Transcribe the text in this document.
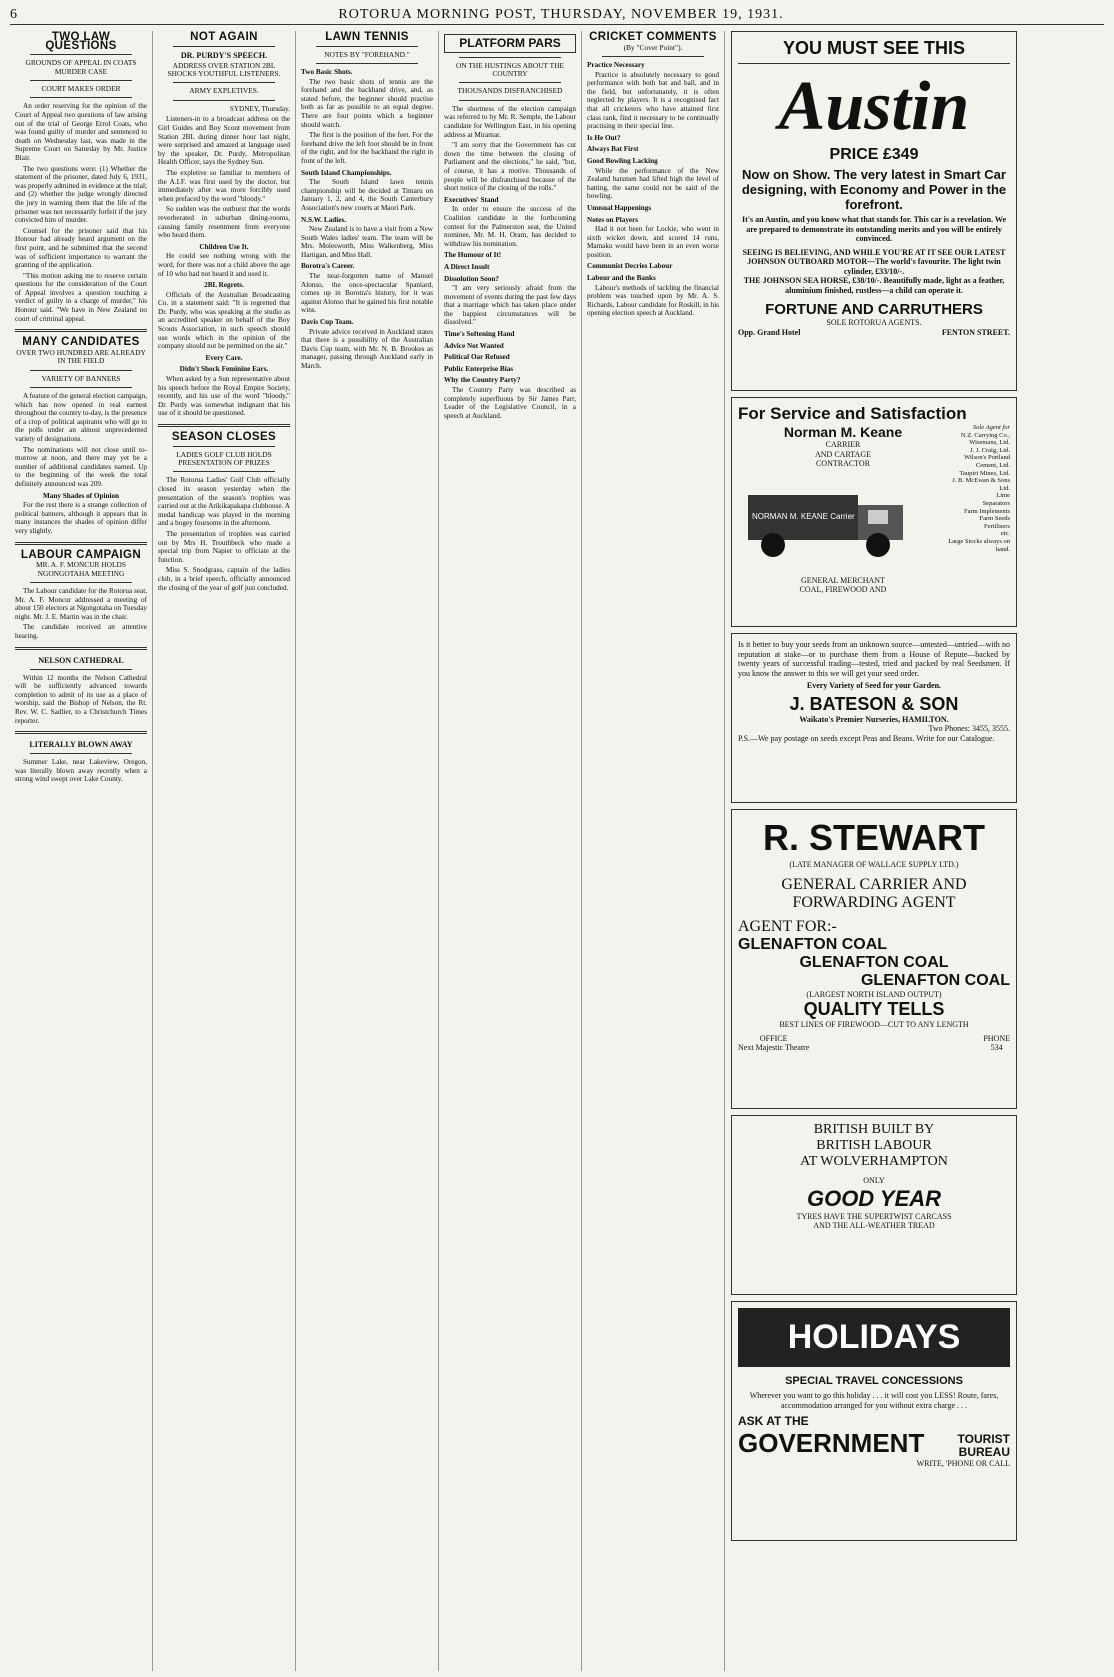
6	ROTORUA MORNING POST, THURSDAY, NOVEMBER 19, 1931.
TWO LAW QUESTIONS
GROUNDS OF APPEAL IN COATS MURDER CASE
COURT MAKES ORDER

An order reserving for the opinion of the Court of Appeal two questions of law arising out of the trial of George Errol Coats, who was found guilty of murder and sentenced to death on Wednesday last, was made in the Supreme Court on Saturday by Mr. Justice Blair.

The two questions were: (1) Whether the statement of the prisoner, dated July 6, 1931, was properly admitted in evidence at the trial; and (2) whether the judge wrongly directed the jury in warning them that the life of the prisoner was not necessarily forfeit if the jury convicted him of murder.

Counsel for the prisoner said that his Honour had already heard argument on the first point, and he submitted that the second was of sufficient importance to warrant the granting of the application.

"This motion asking me to reserve certain questions for the consideration of the Court of Appeal involves a question touching a verdict of guilty in a charge of murder," his Honour said. "We have in New Zealand no court of criminal appeal.

MANY CANDIDATES
OVER TWO HUNDRED ARE ALREADY IN THE FIELD
VARIETY OF BANNERS

A feature of the general election campaign, which has now opened in real earnest throughout the country to-day, is the presence of a crop of political aspirants who will go to the polls under an almost unprecedented variety of designations.

The nominations will not close until to-morrow at noon, and there may yet be a number of additional candidates named. Up to the beginning of the week the total definitely announced was 209.

Many Shades of Opinion

For the rest there is a strange collection of political banners, although it appears that in many instances the shades of opinion differ very slightly.

LABOUR CAMPAIGN
MR. A. F. MONCUR HOLDS NGONGOTAHA MEETING

The Labour candidate for the Rotorua seat, Mr. A. F. Moncur addressed a meeting of about 150 electors at Ngongotaha on Tuesday night. Mr. J. E. Martin was in the chair.

The candidate received an attentive hearing.

NELSON CATHEDRAL

Within 12 months the Nelson Cathedral will be sufficiently advanced towards completion to admit of its use as a place of worship, said the Bishop of Nelson, the Rt. Rev. W. C. Sadlier, to a Christchurch Times reporter.

LITERALLY BLOWN AWAY

Summer Lake, near Lakeview, Oregon, was literally blown away recently when a strong wind swept over Lake County.

NOT AGAIN
DR. PURDY'S SPEECH.
ADDRESS OVER STATION 2BL SHOCKS YOUTHFUL LISTENERS.
ARMY EXPLETIVES.

SYDNEY, Thursday.

Listeners-in to a broadcast address on the Girl Guides and Boy Scout movement from Station 2BL during dinner hour last night, were surprised and amazed at language used by the speaker, Dr. Purdy, Metropolitan Health Officer, says the Sydney Sun.

The expletive so familiar to members of the A.I.F. was first used by the doctor, but immediately after was more forcibly used when prefaced by the word "bloody."

So sudden was the outburst that the words reverberated in suburban dining-rooms, causing family resentment from everyone who heard them.

Children Use It.

He could see nothing wrong with the word, for there was not a child above the age of 10 who had not heard it and used it.

2BL Regrets.

Officials of the Australian Broadcasting Co. in a statement said: "It is regretted that Dr. Purdy, who was speaking at the studio as an accredited speaker on behalf of the Boy Scouts Association, in such speech should use words which in the opinion of the company should not be permitted on the air."

Every Care.
Didn't Shock Feminine Ears.

When asked by a Sun representative about his speech before the Royal Empire Society, recently, and his use of the word "bloody," Dr. Purdy was somewhat indignant that his use of it should be questioned.

SEASON CLOSES
LADIES GOLF CLUB HOLDS PRESENTATION OF PRIZES

The Rotorua Ladies' Golf Club officially closed its season yesterday when the presentation of the season's trophies was carried out at the Arikikapakapa clubhouse. A medal handicap was played in the morning and a bogey foursome in the afternoon.

The presentation of trophies was carried out by Mrs H. Trouthbeck who made a special trip from Napier to officiate at the function.

Miss S. Snodgrass, captain of the ladies club, in a brief speech, officially announced the closing of the year of golf just concluded.

LAWN TENNIS
NOTES BY "FOREHAND."
Two Basic Shots.

The two basic shots of tennis are the forehand and the backhand drive, and, as stated before, the beginner should practise both as far as possible to an equal degree. There are four points which a beginner should watch.

The first is the position of the feet. For the forehand drive the left foot should be in front of the right, and for the backhand the right in front of the left.

South Island Championships.

The South Island lawn tennis championship will be decided at Timaru on January 1, 2, and 4, the South Canterbury Association's new courts at Maori Park.

N.S.W. Ladies.

New Zealand is to have a visit from a New South Wales ladies' team. The team will be Mrs. Molesworth, Miss Walkenberg, Miss Hartigan, and Miss Hall.

Borotra's Career.

The near-forgotten name of Manuel Alonso, the once-spectacular Spaniard, comes up in Borotra's history, for it was against Alonso that he gained his first notable wins.

Davis Cup Team.

Private advice received in Auckland states that there is a possibility of the Australian Davis Cup team, with Mr. N. B. Brookes as manager, passing through Auckland early in March.

PLATFORM PARS
ON THE HUSTINGS ABOUT THE COUNTRY
THOUSANDS DISFRANCHISED

The shortness of the election campaign was referred to by Mr. R. Semple, the Labour candidate for Wellington East, in his opening address at Miramar.

"I am sorry that the Government has cut down the time between the closing of Parliament and the elections," he said, "but, of course, it has a motive. Thousands of people will be disfranchised because of the short notice of the closing of the rolls."

Executives' Stand

In order to ensure the success of the Coalition candidate in the forthcoming contest for the Palmerston seat, the United nominee, Mr. M. H. Oram, has decided to withdraw his nomination.

The Humour of It!
A Direct Insult
Dissolution Soon?

"I am very seriously afraid from the movement of events during the past few days that a marriage which has taken place under the happiest circumstances will be dissolved."

Time's Softening Hand
Advice Not Wanted
Political Oar Refused
Public Enterprise Bias
Why the Country Party?

The Country Party was described as completely superfluous by Sir James Parr, Leader of the Legislative Council, in a speech at Auckland.

CRICKET COMMENTS
(By "Cover Point").
Practice Necessary

Practice is absolutely necessary to good performance with both bat and ball, and in the field, but unfortunately, it is often neglected by players. It is a recognised fact that all cricketers who have attained first class rank, find it necessary to be continually practising in their special line.

Is He Out?
Always Bat First
Good Bowling Lacking

While the performance of the New Zealand batsmen had lifted high the level of batting, the same could not be said of the bowling.

Unusual Happenings
Notes on Players

Had it not been for Lockie, who went in sixth wicket down, and scored 14 runs, Mamaku would have been in an even worse position.

Communist Decries Labour
Labour and the Banks

Labour's methods of tackling the financial problem was touched upon by Mr. A. S. Richards, Labour candidate for Roskill, in his opening election speech at Auckland.

YOU MUST SEE THIS
Austin
PRICE £349
Now on Show. The very latest in Smart Car designing, with Economy and Power in the forefront.
It's an Austin, and you know what that stands for. This car is a revelation. We are prepared to demonstrate its outstanding merits and you will be entirely convinced.
SEEING IS BELIEVING, AND WHILE YOU'RE AT IT SEE OUR LATEST
JOHNSON OUTBOARD MOTOR—The world's favourite. The light twin cylinder, £33/10/-.
THE JOHNSON SEA HORSE, £38/10/-. Beautifully made, light as a feather, aluminium finished, rustless—a child can operate it.
FORTUNE AND CARRUTHERS
SOLE ROTORUA AGENTS.
Opp. Grand Hotel	FENTON STREET.
For Service and Satisfaction
Norman M. Keane
CARRIER
AND CARTAGE
CONTRACTOR
NORMAN M. KEANE Carrier
GENERAL MERCHANT
COAL, FIREWOOD AND
Sole Agent for
N.Z. Carrying Co.,
Wisemans, Ltd.
J. J. Craig, Ltd.
Wilson's Portland Cement, Ltd.
Taupiri Mines, Ltd.
J. B. McEwan & Sons Ltd.
Lime
Separators
Farm Implements
Farm Seeds
Fertilisers
etc.
Large Stocks always on hand.
Is it better to buy your seeds from an unknown source—untested—untried—with no reputation at stake—or to purchase them from a House of Repute—backed by twenty years of successful trading—tested, tried and packed by real Seedsmen. If you know the answer to this we will get your seed order.
Every Variety of Seed for your Garden.
J. BATESON & SON
Waikato's Premier Nurseries, HAMILTON.
Two Phones: 3455, 3555.
P.S.—We pay postage on seeds except Peas and Beans. Write for our Catalogue.
R. STEWART
(LATE MANAGER OF WALLACE SUPPLY LTD.)
GENERAL CARRIER AND
FORWARDING AGENT
AGENT FOR:-
GLENAFTON COAL
GLENAFTON COAL
GLENAFTON COAL
(LARGEST NORTH ISLAND OUTPUT)
QUALITY TELLS
BEST LINES OF FIREWOOD—CUT TO ANY LENGTH
OFFICE
Next Majestic Theatre
PHONE
534
BRITISH BUILT BY
BRITISH LABOUR
AT WOLVERHAMPTON
ONLY
GOOD YEAR
TYRES HAVE THE SUPERTWIST CARCASS
AND THE ALL-WEATHER TREAD
HOLIDAYS
SPECIAL TRAVEL CONCESSIONS
Wherever you want to go this holiday . . . it will cost you LESS! Route, fares, accommodation arranged for you without extra charge . . .
ASK AT THE
GOVERNMENT	TOURIST
BUREAU
WRITE, 'PHONE OR CALL
